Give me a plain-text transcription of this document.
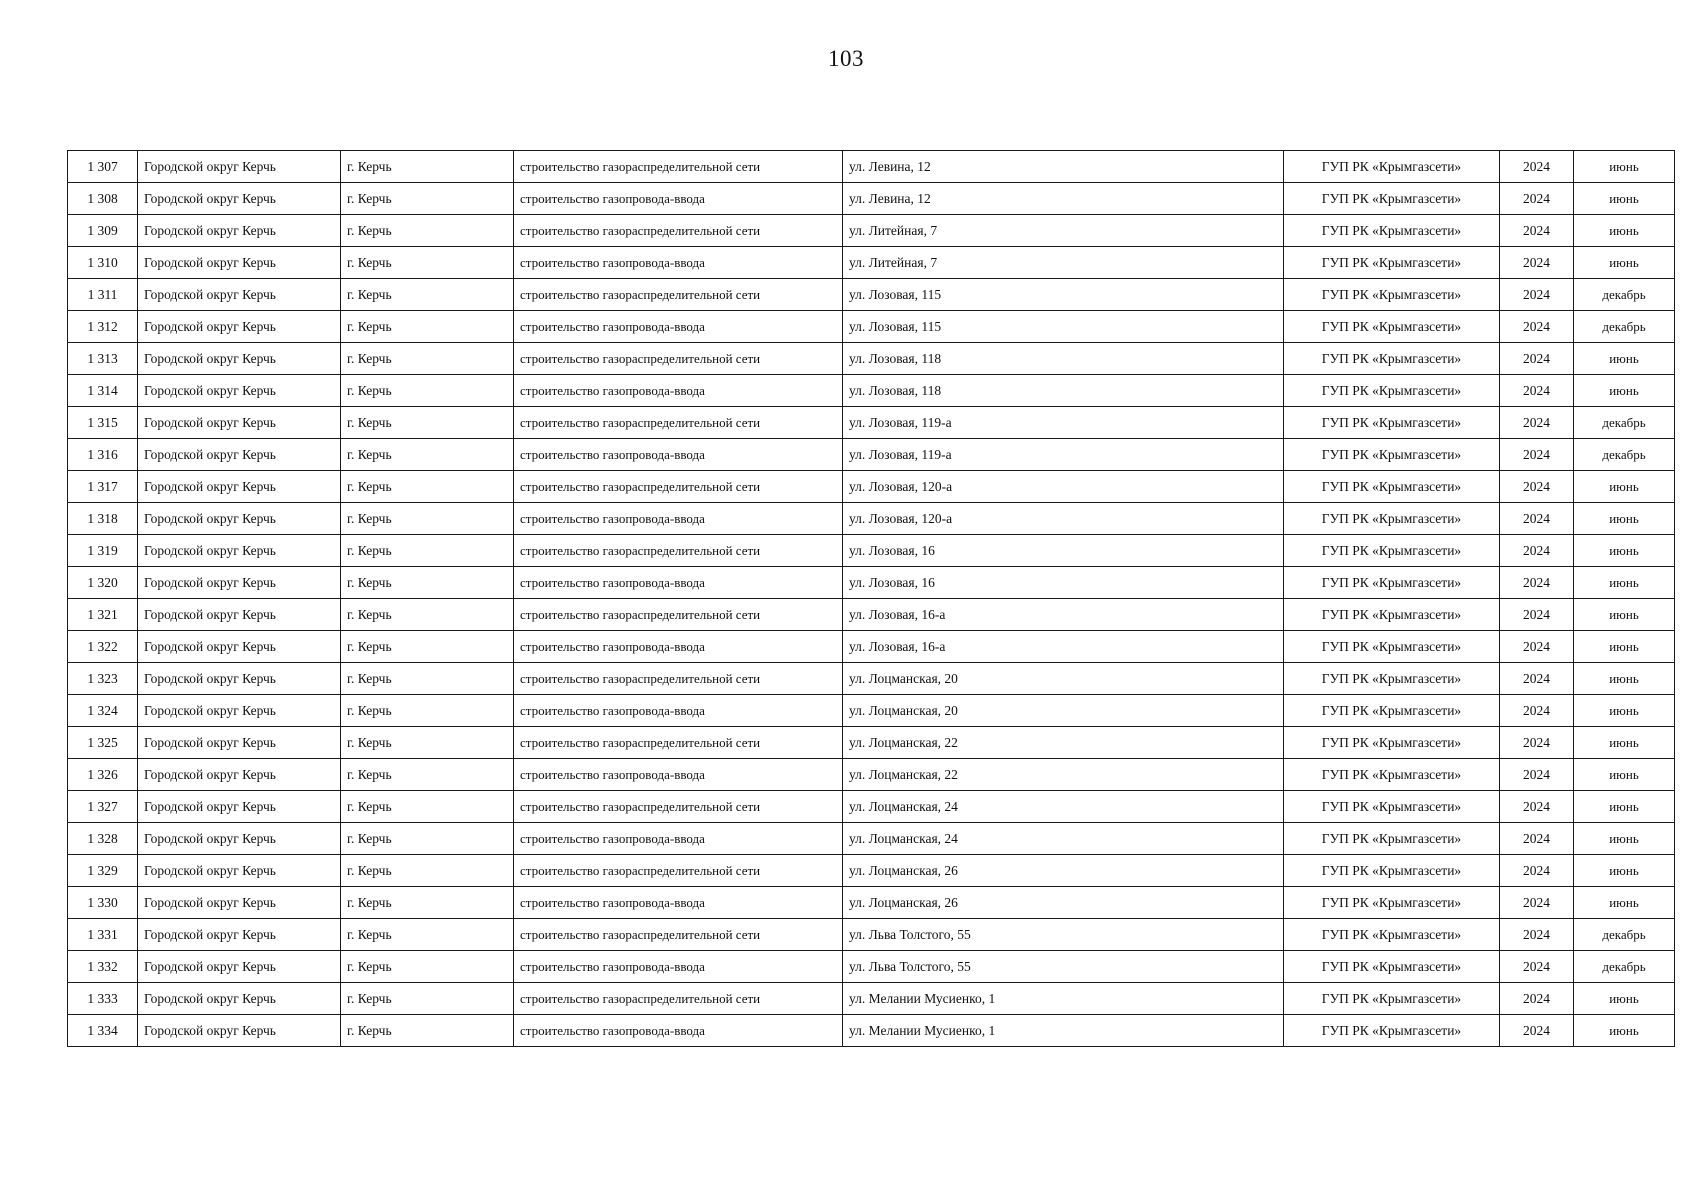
103
1 307	Городской округ Керчь	г. Керчь	строительство газораспределительной сети	ул. Левина, 12	ГУП РК «Крымгазсети»	2024	июнь
1 308	Городской округ Керчь	г. Керчь	строительство газопровода-ввода	ул. Левина, 12	ГУП РК «Крымгазсети»	2024	июнь
1 309	Городской округ Керчь	г. Керчь	строительство газораспределительной сети	ул. Литейная, 7	ГУП РК «Крымгазсети»	2024	июнь
1 310	Городской округ Керчь	г. Керчь	строительство газопровода-ввода	ул. Литейная, 7	ГУП РК «Крымгазсети»	2024	июнь
1 311	Городской округ Керчь	г. Керчь	строительство газораспределительной сети	ул. Лозовая, 115	ГУП РК «Крымгазсети»	2024	декабрь
1 312	Городской округ Керчь	г. Керчь	строительство газопровода-ввода	ул. Лозовая, 115	ГУП РК «Крымгазсети»	2024	декабрь
1 313	Городской округ Керчь	г. Керчь	строительство газораспределительной сети	ул. Лозовая, 118	ГУП РК «Крымгазсети»	2024	июнь
1 314	Городской округ Керчь	г. Керчь	строительство газопровода-ввода	ул. Лозовая, 118	ГУП РК «Крымгазсети»	2024	июнь
1 315	Городской округ Керчь	г. Керчь	строительство газораспределительной сети	ул. Лозовая, 119-а	ГУП РК «Крымгазсети»	2024	декабрь
1 316	Городской округ Керчь	г. Керчь	строительство газопровода-ввода	ул. Лозовая, 119-а	ГУП РК «Крымгазсети»	2024	декабрь
1 317	Городской округ Керчь	г. Керчь	строительство газораспределительной сети	ул. Лозовая, 120-а	ГУП РК «Крымгазсети»	2024	июнь
1 318	Городской округ Керчь	г. Керчь	строительство газопровода-ввода	ул. Лозовая, 120-а	ГУП РК «Крымгазсети»	2024	июнь
1 319	Городской округ Керчь	г. Керчь	строительство газораспределительной сети	ул. Лозовая, 16	ГУП РК «Крымгазсети»	2024	июнь
1 320	Городской округ Керчь	г. Керчь	строительство газопровода-ввода	ул. Лозовая, 16	ГУП РК «Крымгазсети»	2024	июнь
1 321	Городской округ Керчь	г. Керчь	строительство газораспределительной сети	ул. Лозовая, 16-а	ГУП РК «Крымгазсети»	2024	июнь
1 322	Городской округ Керчь	г. Керчь	строительство газопровода-ввода	ул. Лозовая, 16-а	ГУП РК «Крымгазсети»	2024	июнь
1 323	Городской округ Керчь	г. Керчь	строительство газораспределительной сети	ул. Лоцманская, 20	ГУП РК «Крымгазсети»	2024	июнь
1 324	Городской округ Керчь	г. Керчь	строительство газопровода-ввода	ул. Лоцманская, 20	ГУП РК «Крымгазсети»	2024	июнь
1 325	Городской округ Керчь	г. Керчь	строительство газораспределительной сети	ул. Лоцманская, 22	ГУП РК «Крымгазсети»	2024	июнь
1 326	Городской округ Керчь	г. Керчь	строительство газопровода-ввода	ул. Лоцманская, 22	ГУП РК «Крымгазсети»	2024	июнь
1 327	Городской округ Керчь	г. Керчь	строительство газораспределительной сети	ул. Лоцманская, 24	ГУП РК «Крымгазсети»	2024	июнь
1 328	Городской округ Керчь	г. Керчь	строительство газопровода-ввода	ул. Лоцманская, 24	ГУП РК «Крымгазсети»	2024	июнь
1 329	Городской округ Керчь	г. Керчь	строительство газораспределительной сети	ул. Лоцманская, 26	ГУП РК «Крымгазсети»	2024	июнь
1 330	Городской округ Керчь	г. Керчь	строительство газопровода-ввода	ул. Лоцманская, 26	ГУП РК «Крымгазсети»	2024	июнь
1 331	Городской округ Керчь	г. Керчь	строительство газораспределительной сети	ул. Льва Толстого, 55	ГУП РК «Крымгазсети»	2024	декабрь
1 332	Городской округ Керчь	г. Керчь	строительство газопровода-ввода	ул. Льва Толстого, 55	ГУП РК «Крымгазсети»	2024	декабрь
1 333	Городской округ Керчь	г. Керчь	строительство газораспределительной сети	ул. Мелании Мусиенко, 1	ГУП РК «Крымгазсети»	2024	июнь
1 334	Городской округ Керчь	г. Керчь	строительство газопровода-ввода	ул. Мелании Мусиенко, 1	ГУП РК «Крымгазсети»	2024	июнь
